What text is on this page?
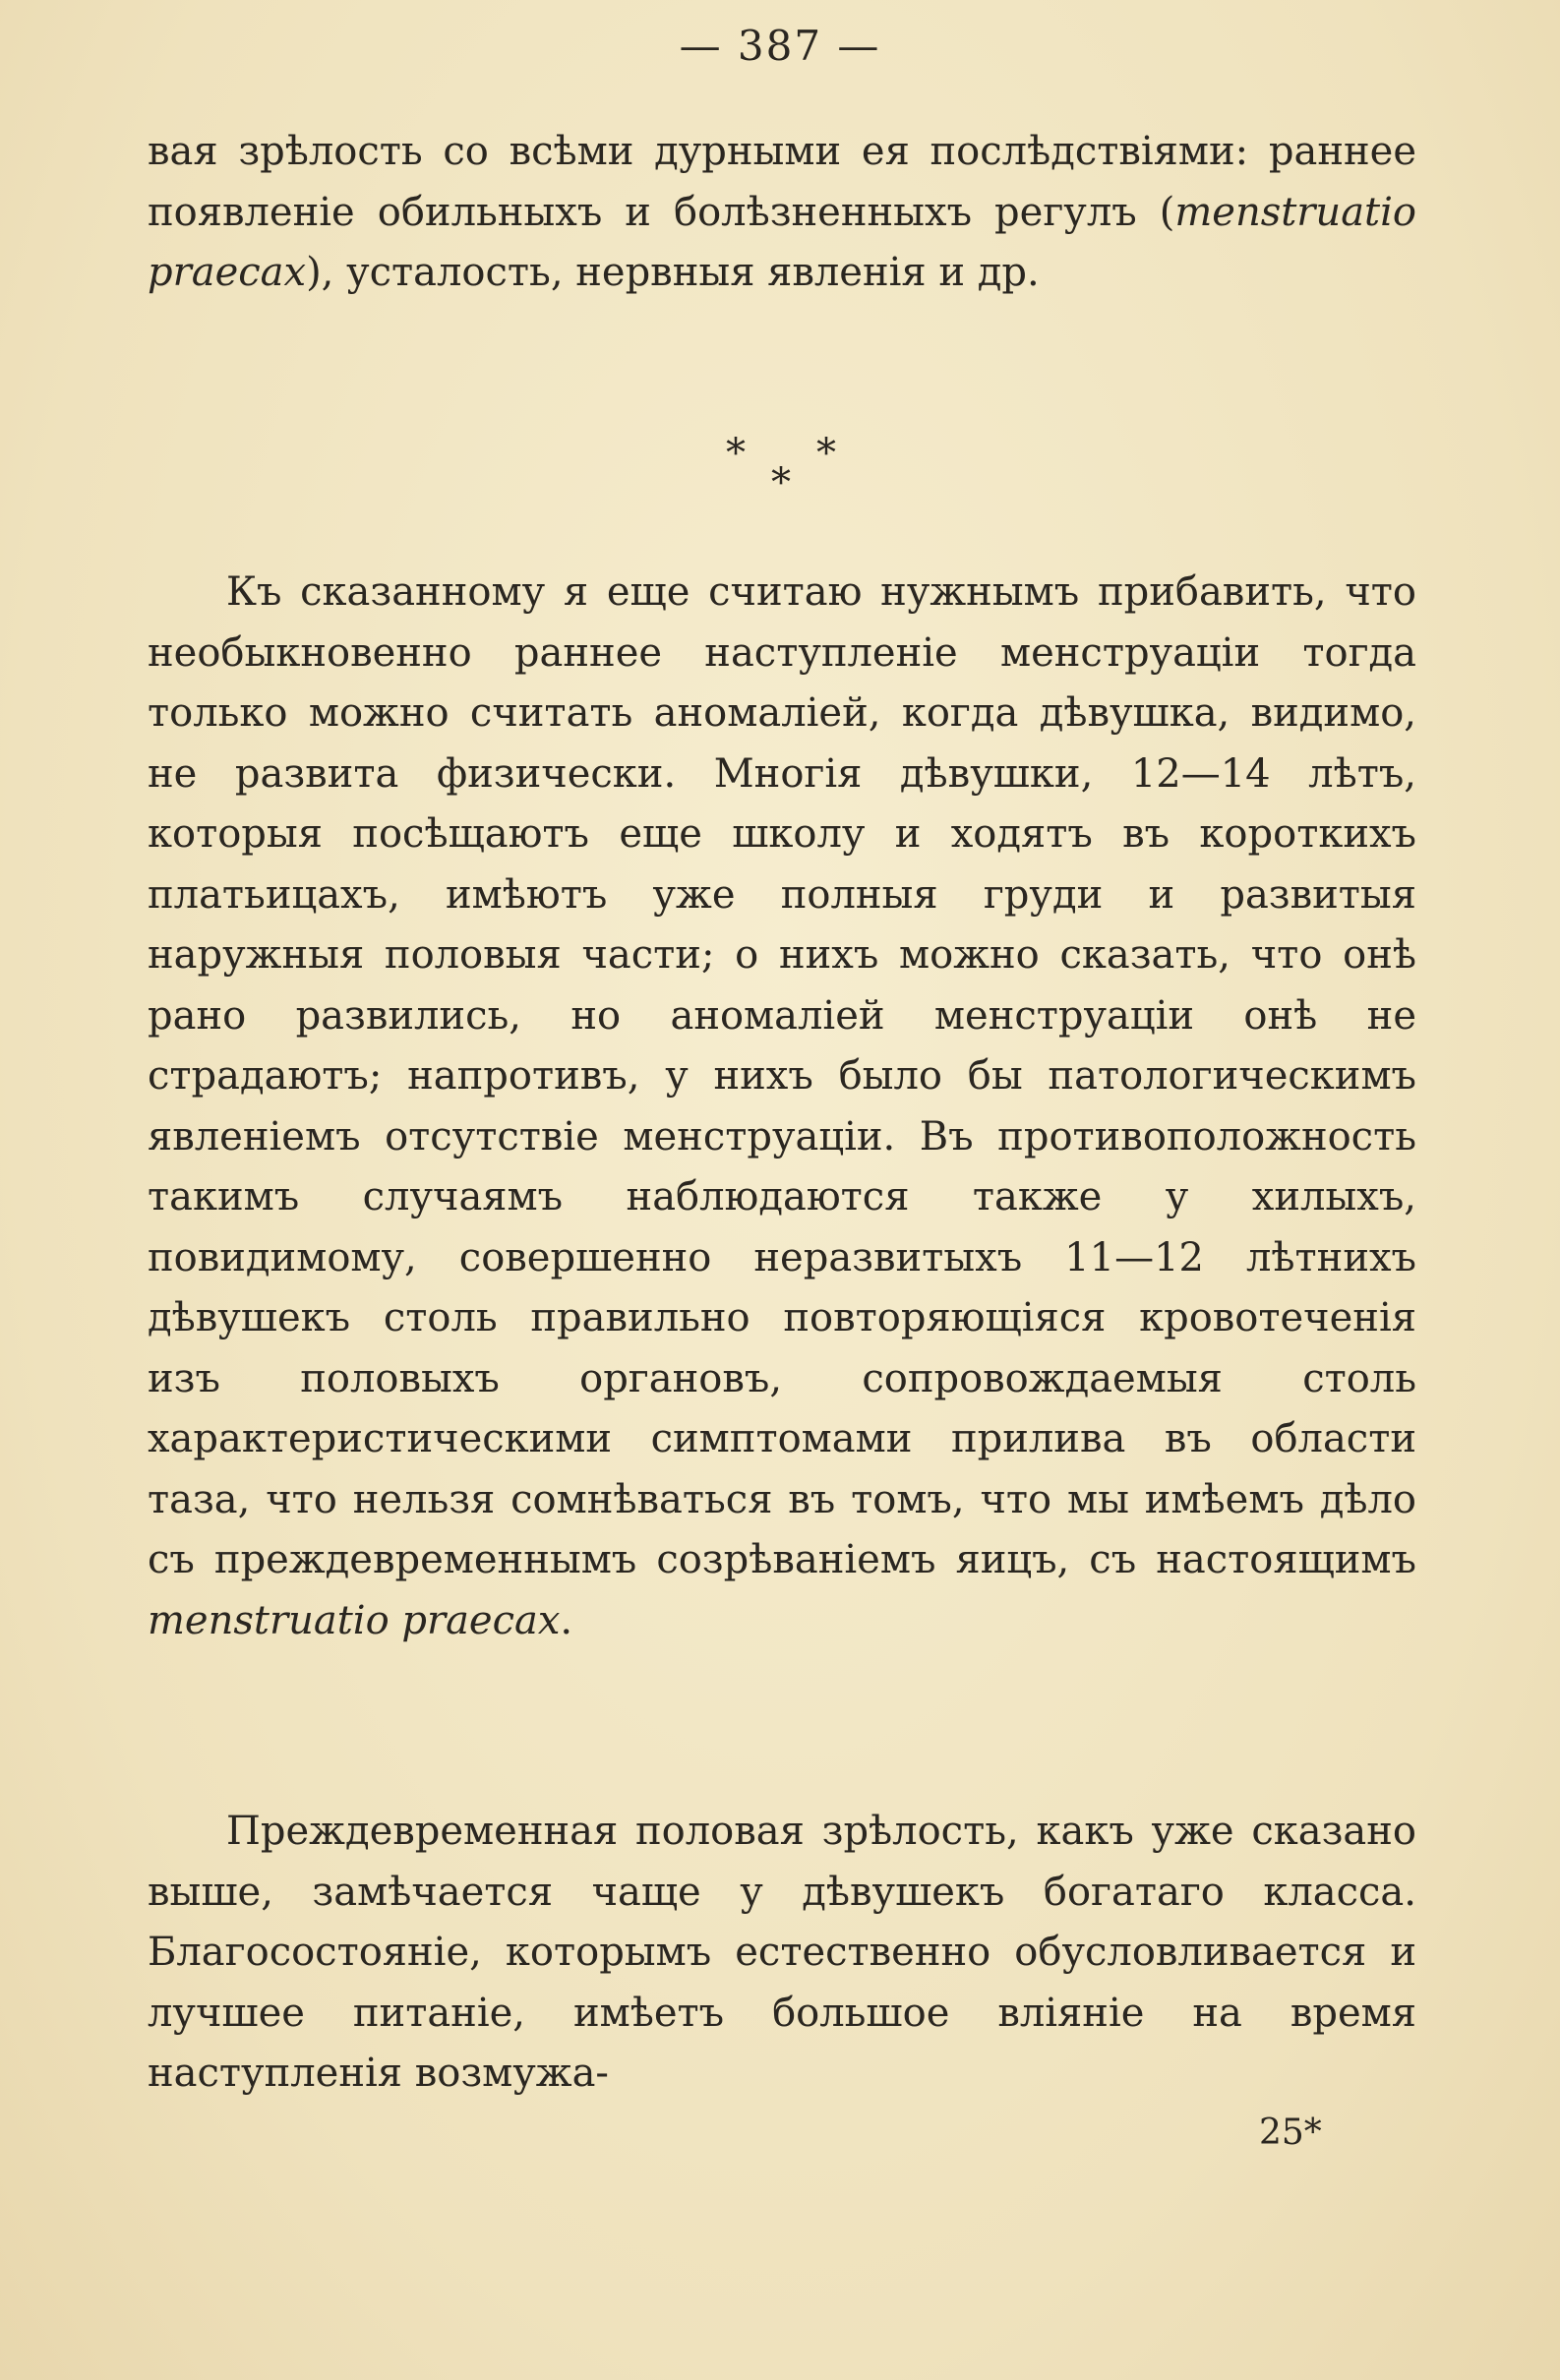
— 387 —

вая зрѣлость со всѣми дурными ея послѣдствіями: раннее появленіе обильныхъ и болѣзненныхъ регулъ (menstruatio praecax), усталость, нервныя явленія и др.

* *
*

Къ сказанному я еще считаю нужнымъ прибавить, что необыкновенно раннее наступленіе менструаціи тогда только можно считать аномаліей, когда дѣвушка, видимо, не развита физически. Многія дѣвушки, 12—14 лѣтъ, которыя посѣщаютъ еще школу и ходятъ въ короткихъ платьицахъ, имѣютъ уже полныя груди и развитыя наружныя половыя части; о нихъ можно сказать, что онѣ рано развились, но аномаліей менструаціи онѣ не страдаютъ; напротивъ, у нихъ было бы патологическимъ явленіемъ отсутствіе менструаціи. Въ противоположность такимъ случаямъ наблюдаются также у хилыхъ, повидимому, совершенно неразвитыхъ 11—12 лѣтнихъ дѣвушекъ столь правильно повторяющіяся кровотеченія изъ половыхъ органовъ, сопровождаемыя столь характеристическими симптомами прилива въ области таза, что нельзя сомнѣваться въ томъ, что мы имѣемъ дѣло съ преждевременнымъ созрѣваніемъ яицъ, съ настоящимъ menstruatio praecax.

Преждевременная половая зрѣлость, какъ уже сказано выше, замѣчается чаще у дѣвушекъ богатаго класса. Благосостояніе, которымъ естественно обусловливается и лучшее питаніе, имѣетъ большое вліяніе на время наступленія возмужа-

25*
